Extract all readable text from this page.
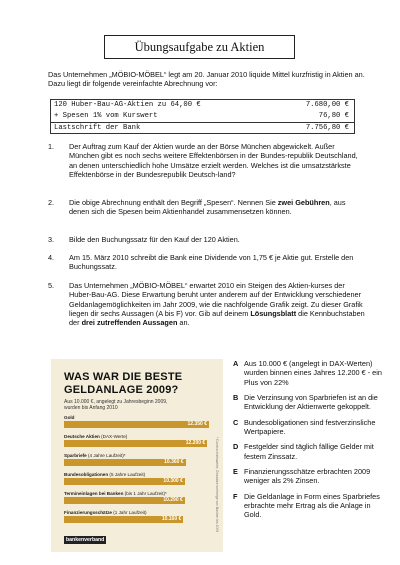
Übungsaufgabe zu Aktien
Das Unternehmen „MÖBIO-MÖBEL“ legt am 20. Januar 2010 liquide Mittel kurzfristig in Aktien an. Dazu liegt dir folgende vereinfachte Abrechnung vor:
120 Huber-Bau-AG-Aktien zu 64,00 €	7.680,00 €
+ Spesen 1% vom Kurswert	76,80 €
Lastschrift der Bank	7.756,80 €
1. Der Auftrag zum Kauf der Aktien wurde an der Börse München abgewickelt. Außer München gibt es noch sechs weitere Effektenbörsen in der Bundes-republik Deutschland, an denen unterschiedlich hohe Umsätze erzielt werden. Welches ist die umsatzstärkste Effektenbörse in der Bundesrepublik Deutsch-land?
2. Die obige Abrechnung enthält den Begriff „Spesen“. Nennen Sie zwei Gebühren, aus denen sich die Spesen beim Aktienhandel zusammensetzen können.
3. Bilde den Buchungssatz für den Kauf der 120 Aktien.
4. Am 15. März 2010 schreibt die Bank eine Dividende von 1,75 € je Aktie gut. Erstelle den Buchungssatz.
5. Das Unternehmen „MÖBIO-MÖBEL“ erwartet 2010 ein Steigen des Aktien-kurses der Huber-Bau-AG. Diese Erwartung beruht unter anderem auf der Entwicklung verschiedener Geldanlagemöglichkeiten im Jahr 2009, wie die nachfolgende Grafik zeigt. Zu dieser Grafik liegen dir sechs Aussagen (A bis F) vor. Gib auf deinem Lösungsblatt die Kennbuchstaben der drei zutreffenden Aussagen an.
WAS WAR DIE BESTE
GELDANLAGE 2009?
Aus 10.000 €, angelegt zu Jahresbeginn 2009,
wurden bis Anfang 2010
Gold
12.350 €
Deutsche Aktien (DAX-Werte)
12.200 €
Sparbriefe (4 Jahre Laufzeit)*
10.360 €
Bundesobligationen (5 Jahre Laufzeit)
10.300 €
Termineinlagen bei Banken (bis 1 Jahr Laufzeit)*
10.290 €
Finanzierungsschätze (1 Jahr Laufzeit)
10.160 €	* Durchschnittswerte; Zinssätze vorherige von Banken bis 2009
bankenverband
A Aus 10.000 € (angelegt in DAX-Werten) wurden binnen eines Jahres 12.200 € - ein Plus von 22%
B Die Verzinsung von Sparbriefen ist an die Entwicklung der Aktienwerte gekoppelt.
C Bundesobligationen sind festverzinsliche Wertpapiere.
D Festgelder sind täglich fällige Gelder mit festem Zinssatz.
E Finanzierungsschätze erbrachten 2009 weniger als 2% Zinsen.
F Die Geldanlage in Form eines Sparbriefes erbrachte mehr Ertrag als die Anlage in Gold.
